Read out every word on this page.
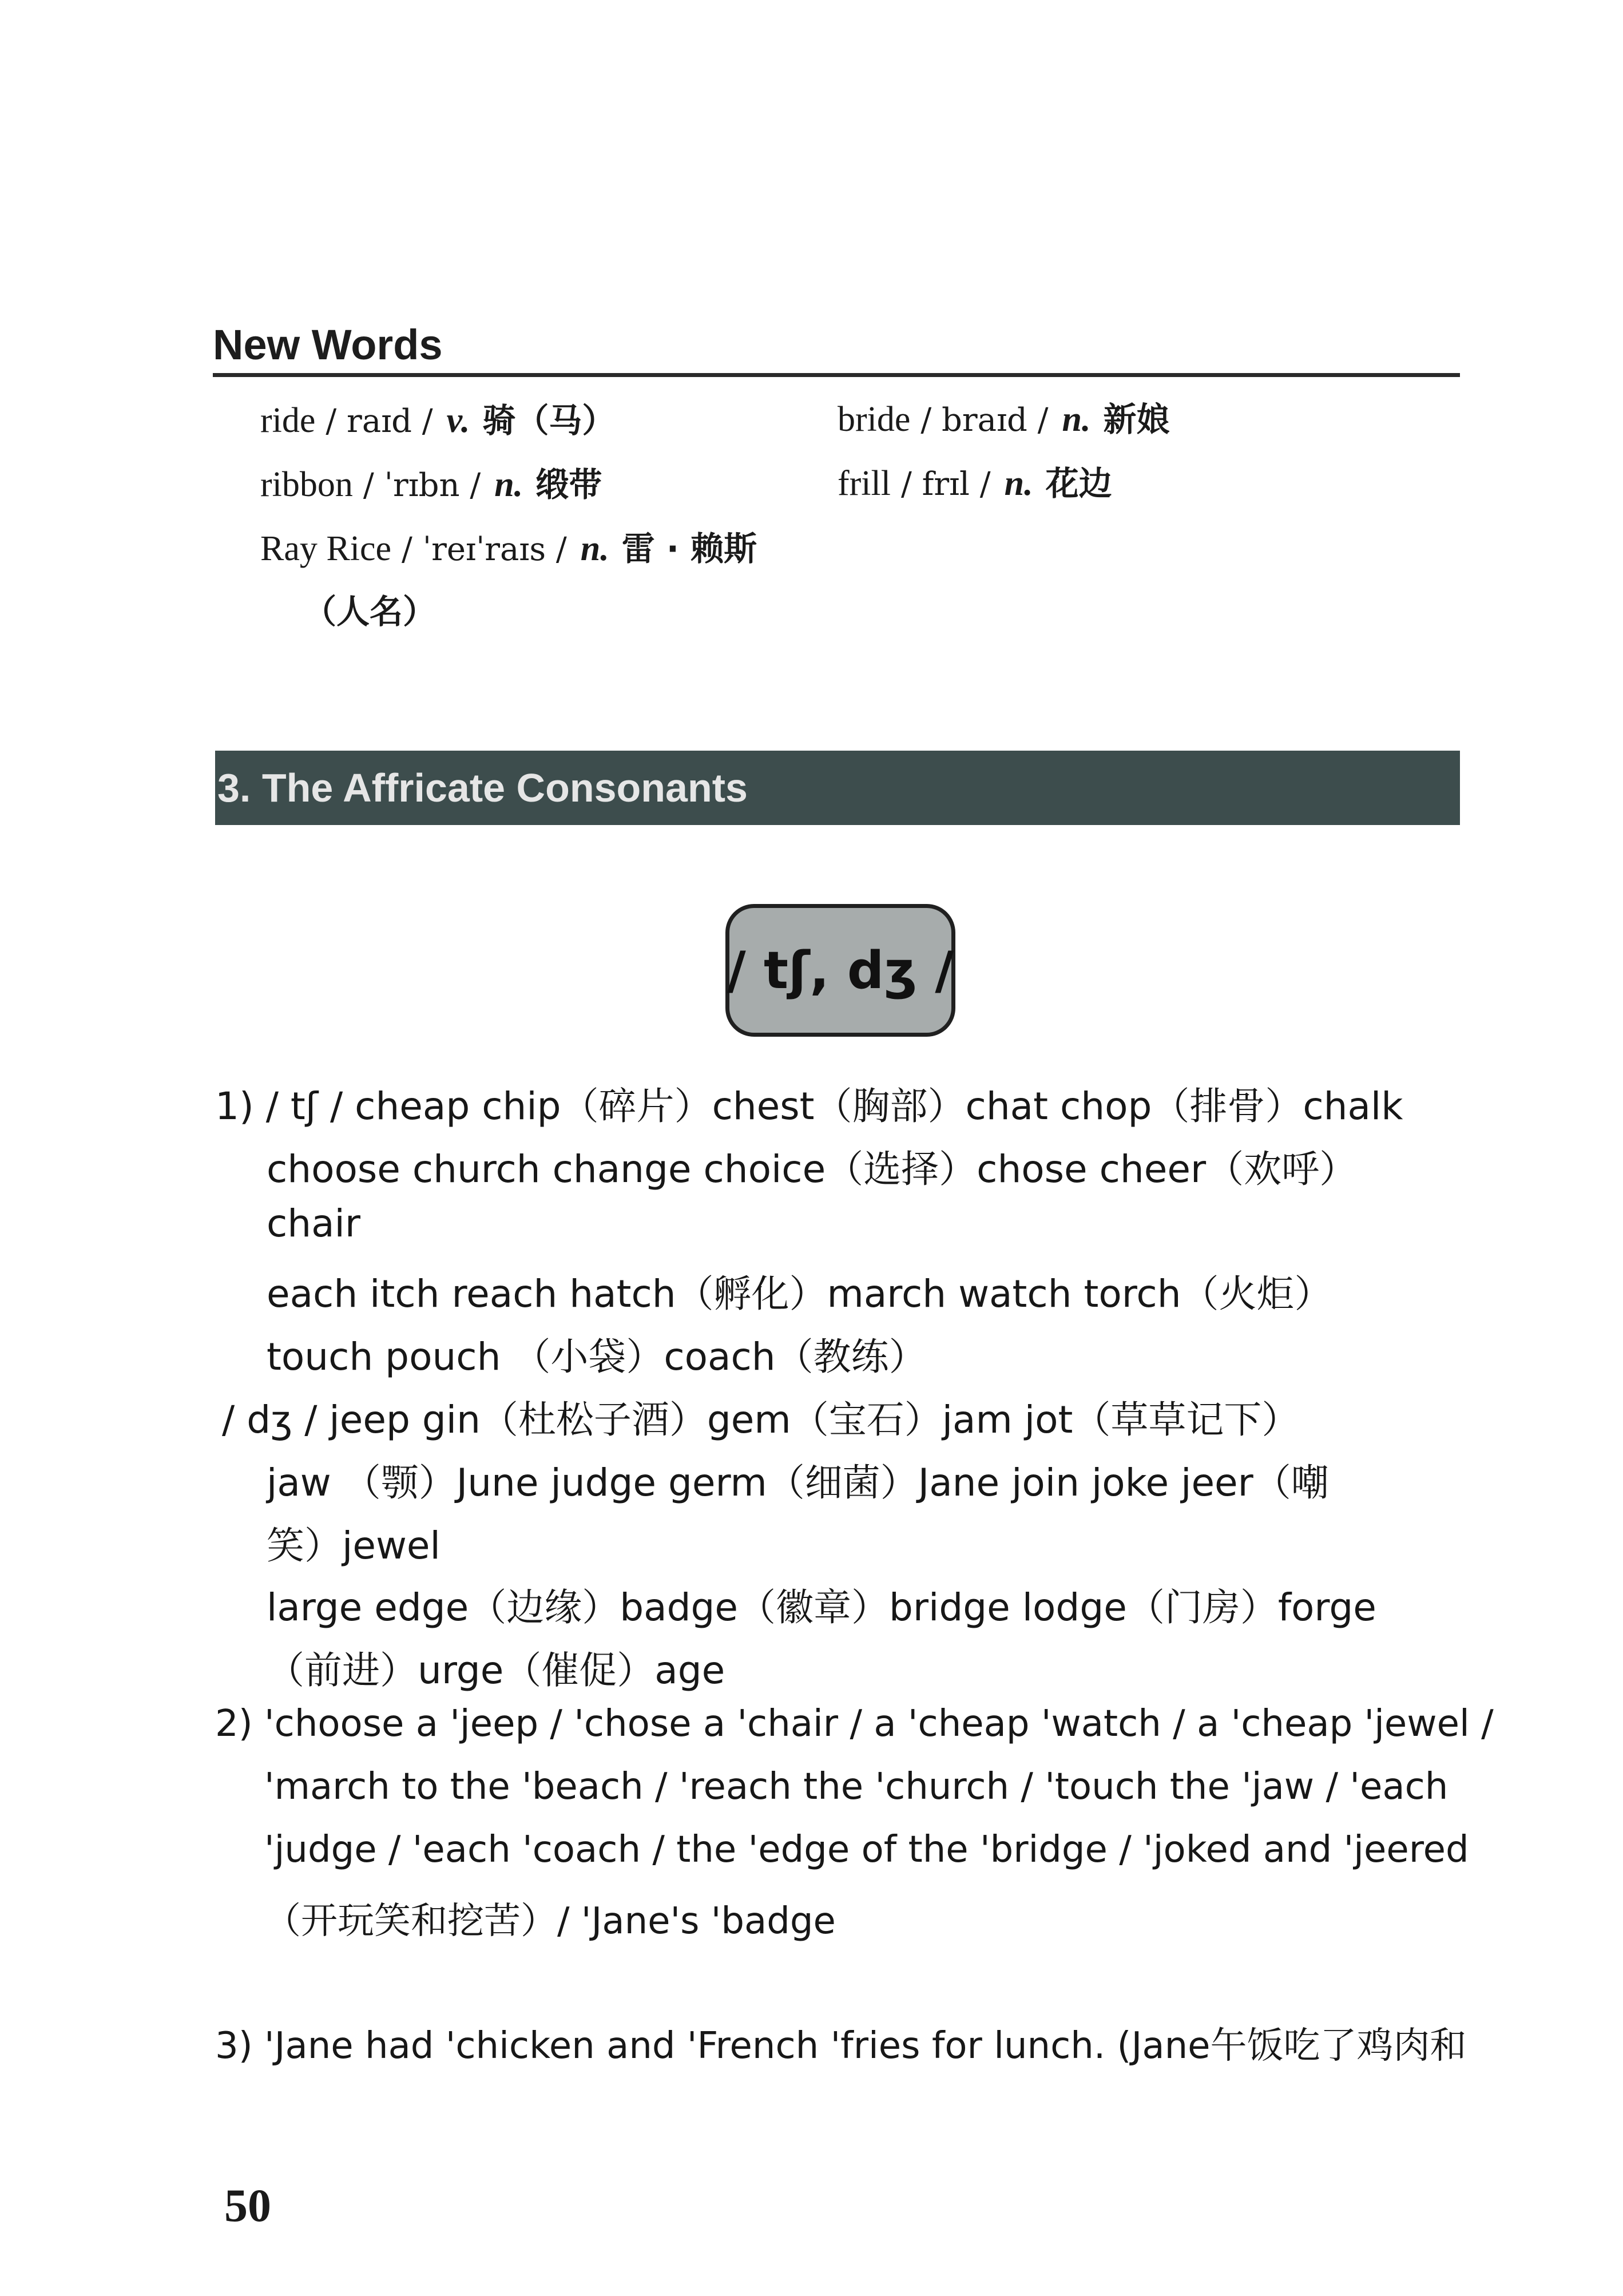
New Words
ride / raɪd / v. 骑（马）	bride / braɪd / n. 新娘
ribbon / ˈrɪbn / n. 缎带	frill / frɪl / n. 花边
Ray Rice / ˈreɪˈraɪs / n. 雷 · 赖斯
（人名）
3. The Affricate Consonants
/ tʃ, dʒ /
1) / tʃ / cheap chip（碎片）chest（胸部）chat chop（排骨）chalk
choose church change choice（选择）chose cheer（欢呼）
chair
each itch reach hatch（孵化）march watch torch（火炬）
touch pouch （小袋）coach（教练）
/ dʒ / jeep gin（杜松子酒）gem（宝石）jam jot（草草记下）
jaw （颚）June judge germ（细菌）Jane join joke jeer（嘲
笑）jewel
large edge（边缘）badge（徽章）bridge lodge（门房）forge
（前进）urge（催促）age
2) 'choose a 'jeep / 'chose a 'chair / a 'cheap 'watch / a 'cheap 'jewel /
'march to the 'beach / 'reach the 'church / 'touch the 'jaw / 'each
'judge / 'each 'coach / the 'edge of the 'bridge / 'joked and 'jeered
（开玩笑和挖苦）/ 'Jane's 'badge
3) 'Jane had 'chicken and 'French 'fries for lunch. (Jane午饭吃了鸡肉和
50
